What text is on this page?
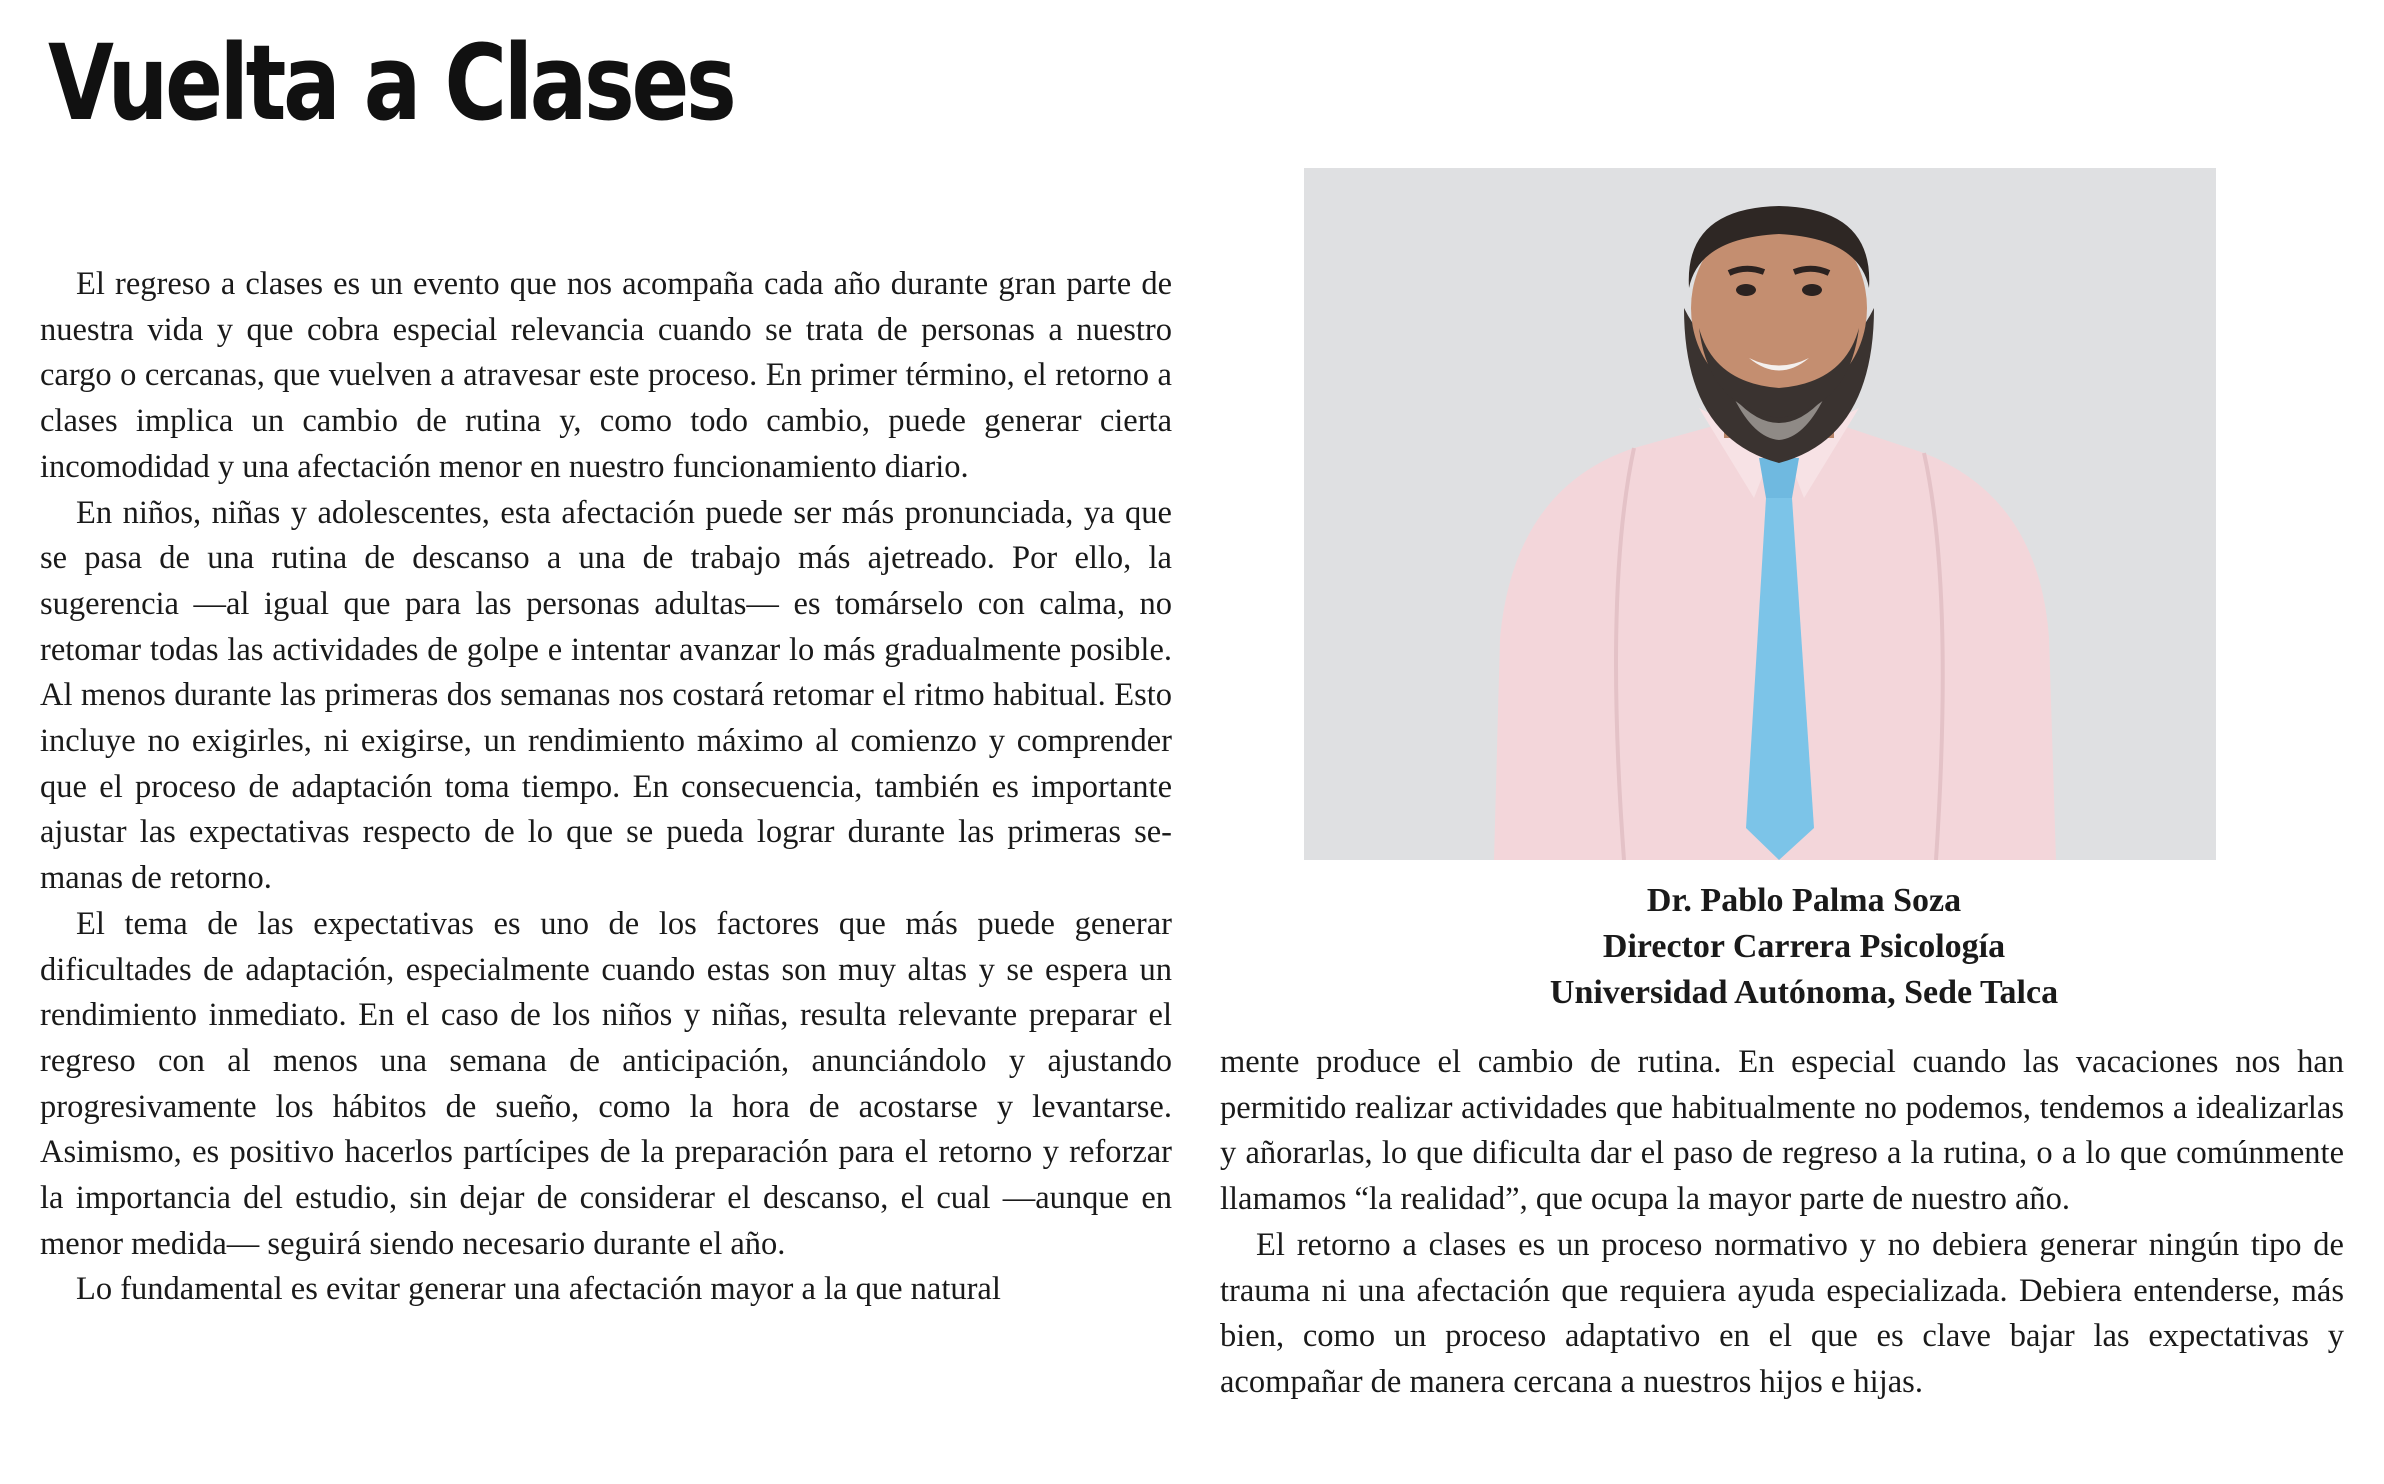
Vuelta a Clases

El regreso a clases es un evento que nos acompaña cada año durante gran parte de nuestra vida y que cobra especial relevancia cuando se trata de personas a nuestro cargo o cercanas, que vuelven a atravesar este proceso. En primer término, el retorno a clases implica un cambio de rutina y, como todo cambio, puede generar cierta incomodidad y una afectación menor en nuestro funcionamiento diario.

En niños, niñas y adolescentes, esta afectación puede ser más pronunciada, ya que se pasa de una rutina de descanso a una de trabajo más ajetreado. Por ello, la sugerencia —al igual que para las personas adultas— es tomárselo con calma, no retomar todas las actividades de golpe e intentar avanzar lo más gradualmente posible. Al menos durante las primeras dos semanas nos costará retomar el ritmo habitual. Esto incluye no exigirles, ni exigirse, un rendimiento máximo al comienzo y comprender que el proceso de adaptación toma tiempo. En consecuencia, también es importante ajustar las expectativas respecto de lo que se pueda lograr durante las primeras semanas de retorno.

El tema de las expectativas es uno de los factores que más puede generar dificultades de adaptación, especialmente cuando estas son muy altas y se espera un rendimiento inmediato. En el caso de los niños y niñas, resulta relevante preparar el regreso con al menos una semana de anticipación, anunciándolo y ajustando progresivamente los hábitos de sueño, como la hora de acostarse y levantarse. Asimismo, es positivo hacerlos partícipes de la preparación para el retorno y reforzar la importancia del estudio, sin dejar de considerar el descanso, el cual —aunque en menor medida— seguirá siendo necesario durante el año.

Lo fundamental es evitar generar una afectación mayor a la que natural

Dr. Pablo Palma Soza
Director Carrera Psicología
Universidad Autónoma, Sede Talca

mente produce el cambio de rutina. En especial cuando las vacaciones nos han permitido realizar actividades que habitualmente no podemos, tendemos a idealizarlas y añorarlas, lo que dificulta dar el paso de regreso a la rutina, o a lo que comúnmente llamamos “la realidad”, que ocupa la mayor parte de nuestro año.

El retorno a clases es un proceso normativo y no debiera generar ningún tipo de trauma ni una afectación que requiera ayuda especializada. Debiera entenderse, más bien, como un proceso adaptativo en el que es clave bajar las expectativas y acompañar de manera cercana a nuestros hijos e hijas.
